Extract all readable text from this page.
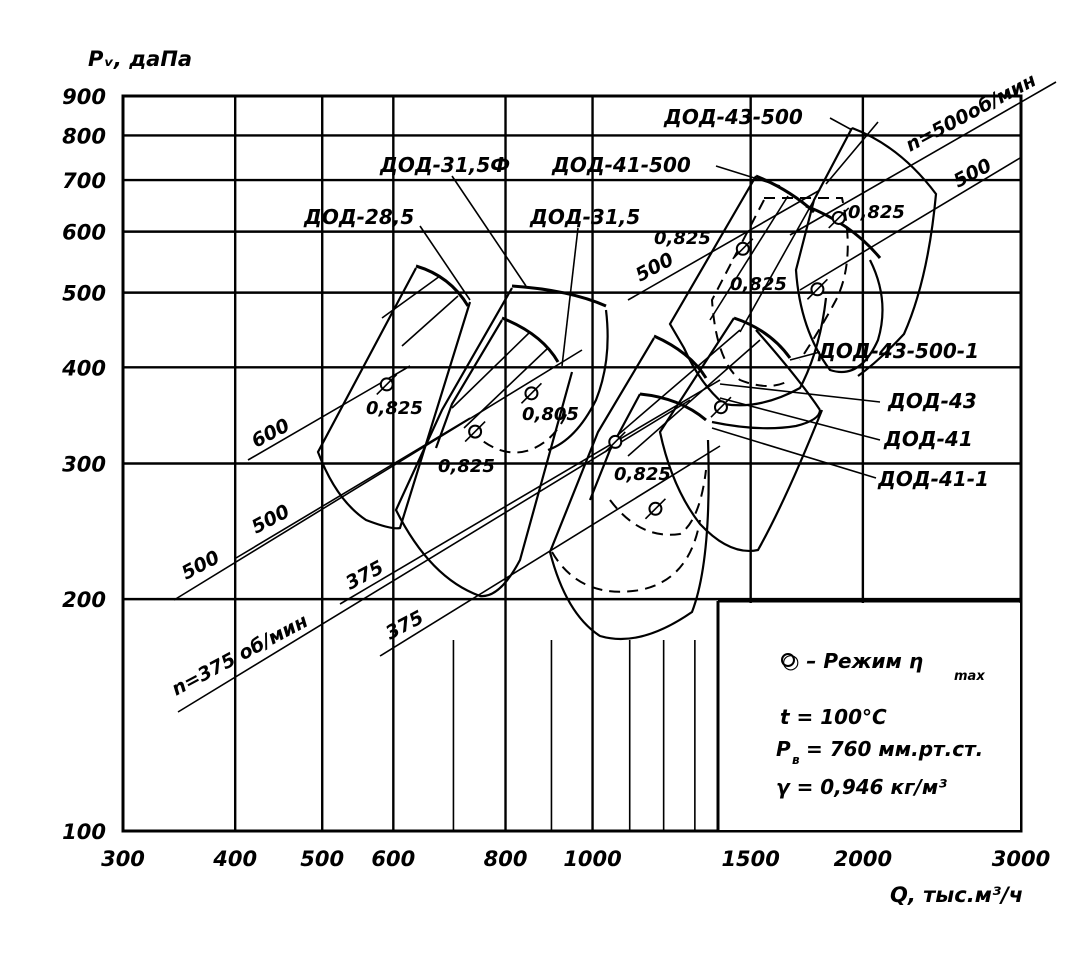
300	400 500 600	800 1000	1500	2000	3000
100
200
300
400
500
600
700
800
900
Pᵥ, даПа
Q, тыс.м³/ч
ДОД-43-500
ДОД-41-500
ДОД-31,5Ф
ДОД-31,5
ДОД-28,5
ДОД-43-500-1
ДОД-43
ДОД-41
ДОД-41-1
n=500об/мин
500
500
500
600
500	375
375
n=375 об/мин
0,825
0,825	0,825
0,825
0,805
0,825
0,825
○ – Режим η
max
t = 100°C
P в = 760 мм.рт.ст.
γ = 0,946 кг/м³
